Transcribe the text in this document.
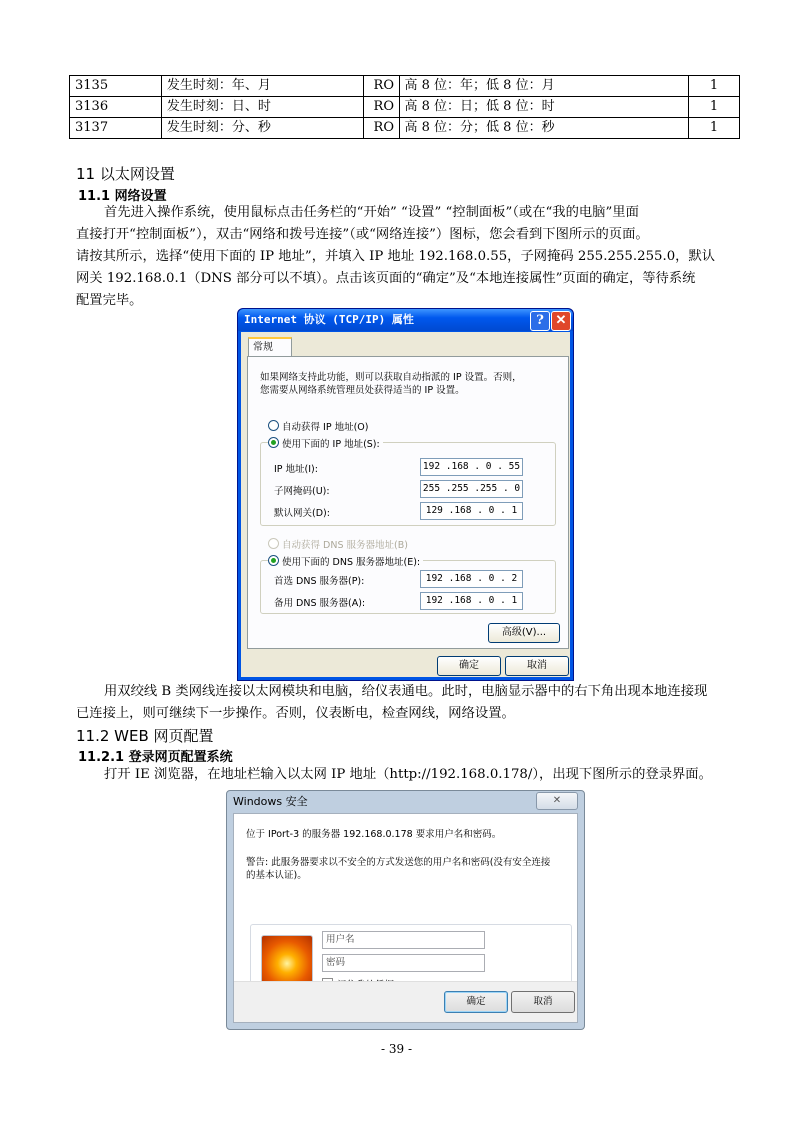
3135	发生时刻：年、月	RO	高 8 位：年；低 8 位：月	1
3136	发生时刻：日、时	RO	高 8 位：日；低 8 位：时	1
3137	发生时刻：分、秒	RO	高 8 位：分；低 8 位：秒	1
11 以太网设置
11.1 网络设置
首先进入操作系统，使用鼠标点击任务栏的“开始” “设置” “控制面板”（或在“我的电脑”里面
直接打开“控制面板”），双击“网络和拨号连接”（或“网络连接”）图标，您会看到下图所示的页面。
请按其所示，选择“使用下面的 IP 地址”，并填入 IP 地址 192.168.0.55，子网掩码 255.255.255.0，默认
网关 192.168.0.1（DNS 部分可以不填）。点击该页面的“确定”及“本地连接属性”页面的确定，等待系统
配置完毕。
Internet 协议 (TCP/IP) 属性	? ✕
常规
如果网络支持此功能，则可以获取自动指派的 IP 设置。否则，
您需要从网络系统管理员处获得适当的 IP 设置。
自动获得 IP 地址(O)
使用下面的 IP 地址(S):
IP 地址(I):	192 .168 . 0 . 55
子网掩码(U):	255 .255 .255 . 0
默认网关(D):	129 .168 . 0 . 1
自动获得 DNS 服务器地址(B)
使用下面的 DNS 服务器地址(E):
首选 DNS 服务器(P):	192 .168 . 0 . 2
备用 DNS 服务器(A):	192 .168 . 0 . 1
高级(V)...
确定	取消
用双绞线 B 类网线连接以太网模块和电脑，给仪表通电。此时，电脑显示器中的右下角出现本地连接现
已连接上，则可继续下一步操作。否则，仪表断电，检查网线，网络设置。
11.2 WEB 网页配置
11.2.1 登录网页配置系统
打开 IE 浏览器，在地址栏输入以太网 IP 地址（http://192.168.0.178/），出现下图所示的登录界面。
Windows 安全	✕
位于 IPort-3 的服务器 192.168.0.178 要求用户名和密码。
警告: 此服务器要求以不安全的方式发送您的用户名和密码(没有安全连接
的基本认证)。
用户名
密码
确定	取消
- 39 -
